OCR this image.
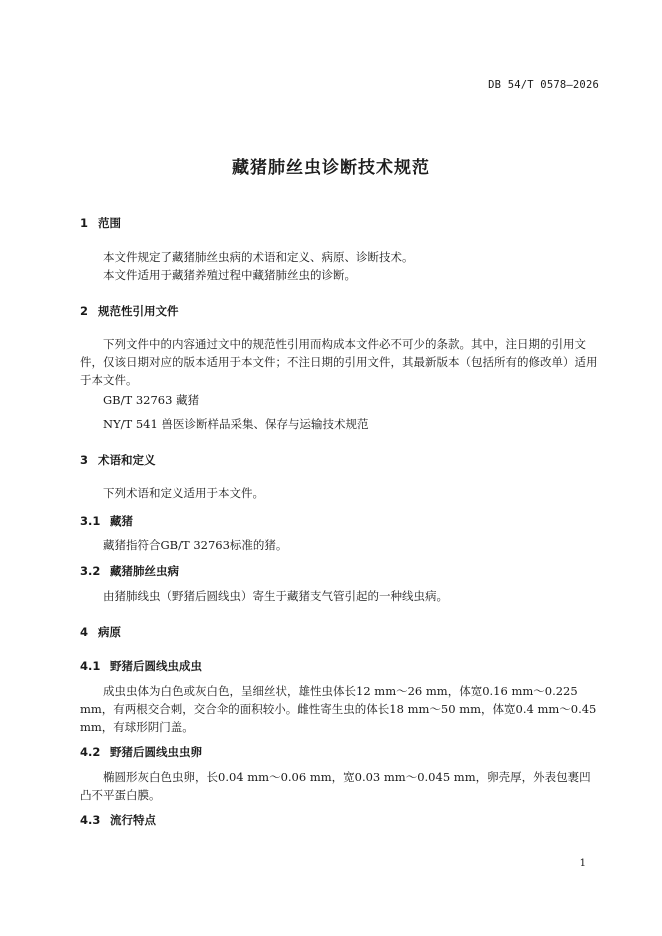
DB 54/T 0578—2026
藏猪肺丝虫诊断技术规范
1 范围
本文件规定了藏猪肺丝虫病的术语和定义、病原、诊断技术。
本文件适用于藏猪养殖过程中藏猪肺丝虫的诊断。
2 规范性引用文件
下列文件中的内容通过文中的规范性引用而构成本文件必不可少的条款。其中，注日期的引用文件，仅该日期对应的版本适用于本文件；不注日期的引用文件，其最新版本（包括所有的修改单）适用于本文件。
GB/T 32763 藏猪
NY/T 541 兽医诊断样品采集、保存与运输技术规范
3 术语和定义
下列术语和定义适用于本文件。
3.1 藏猪
藏猪指符合GB/T 32763标准的猪。
3.2 藏猪肺丝虫病
由猪肺线虫（野猪后圆线虫）寄生于藏猪支气管引起的一种线虫病。
4 病原
4.1 野猪后圆线虫成虫
成虫虫体为白色或灰白色，呈细丝状，雄性虫体长12 mm～26 mm，体宽0.16 mm～0.225 mm，有两根交合刺，交合伞的面积较小。雌性寄生虫的体长18 mm～50 mm，体宽0.4 mm～0.45 mm，有球形阴门盖。
4.2 野猪后圆线虫虫卵
椭圆形灰白色虫卵，长0.04 mm～0.06 mm，宽0.03 mm～0.045 mm，卵壳厚，外表包裹凹凸不平蛋白膜。
4.3 流行特点
1
